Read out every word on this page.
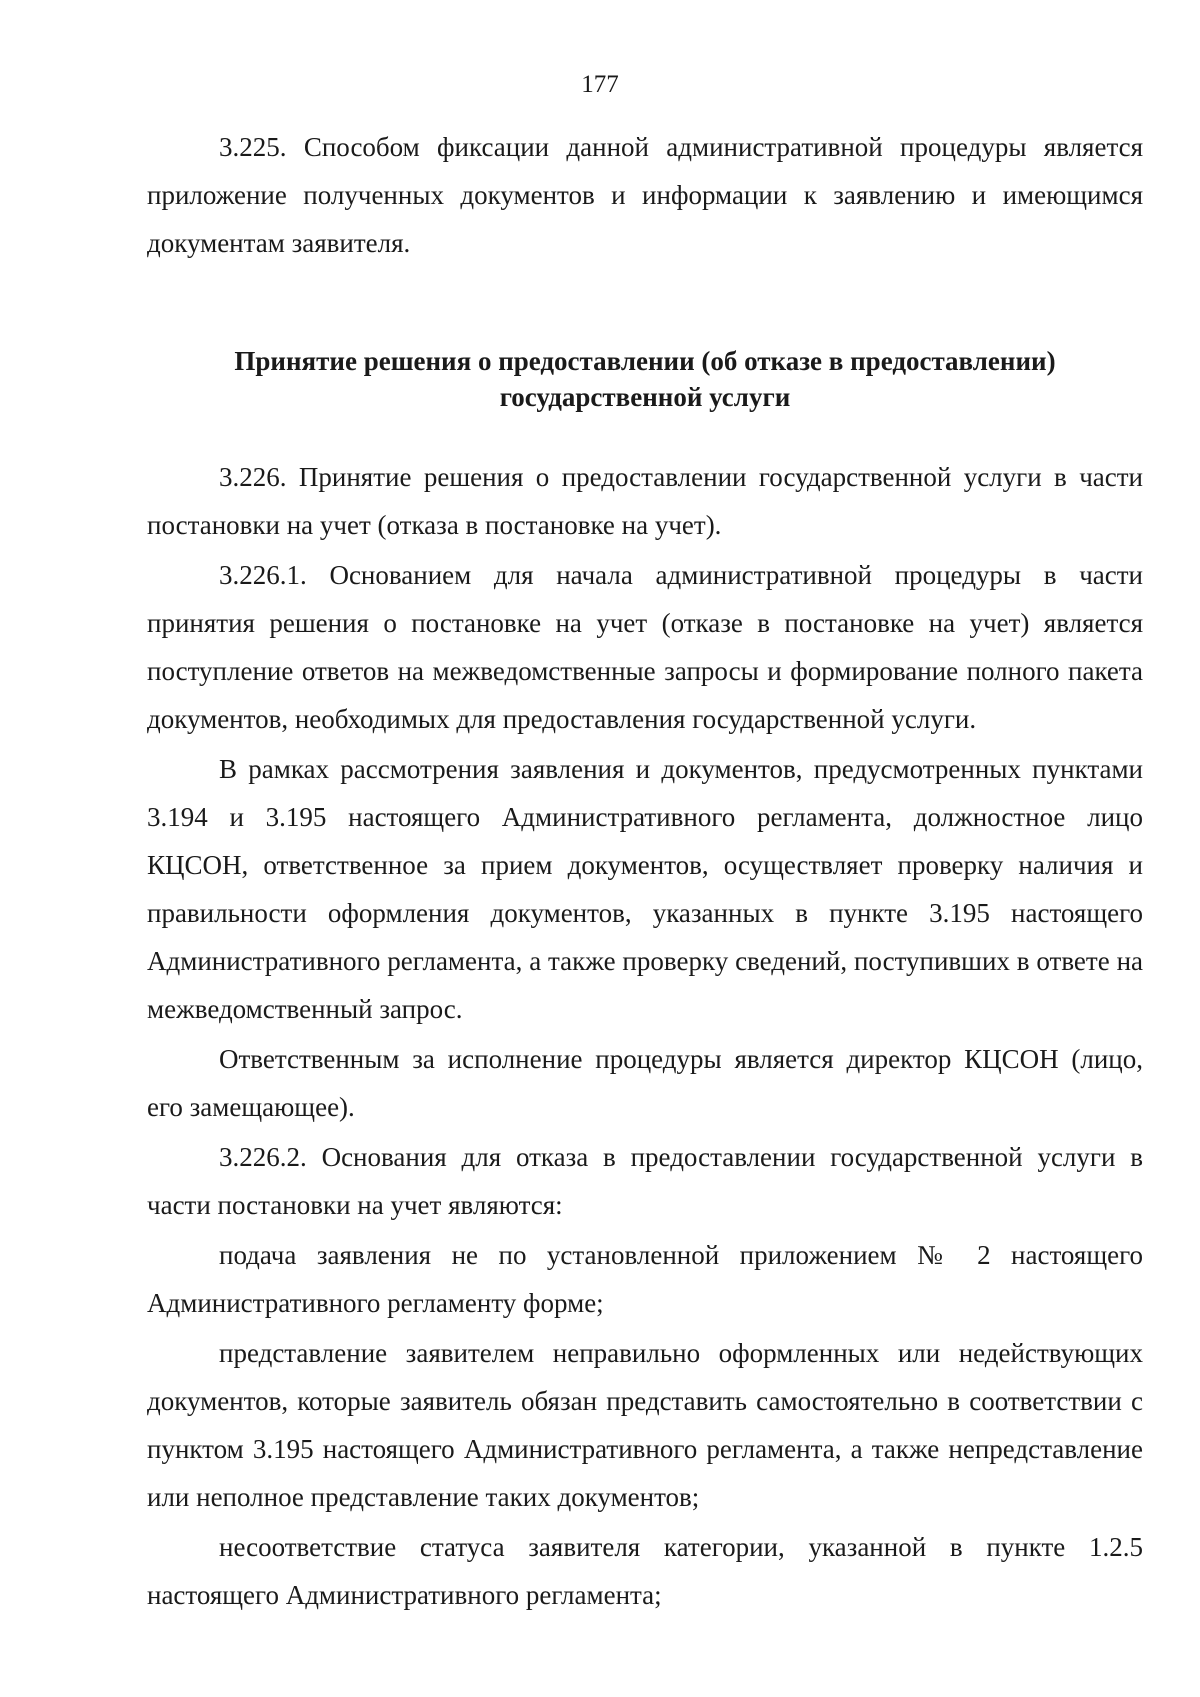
177

3.225. Способом фиксации данной административной процедуры является приложение полученных документов и информации к заявлению и имеющимся документам заявителя.

Принятие решения о предоставлении (об отказе в предоставлении)
государственной услуги

3.226. Принятие решения о предоставлении государственной услуги в части постановки на учет (отказа в постановке на учет).

3.226.1. Основанием для начала административной процедуры в части принятия решения о постановке на учет (отказе в постановке на учет) является поступление ответов на межведомственные запросы и формирование полного пакета документов, необходимых для предоставления государственной услуги.

В рамках рассмотрения заявления и документов, предусмотренных пунктами 3.194 и 3.195 настоящего Административного регламента, должностное лицо КЦСОН, ответственное за прием документов, осуществляет проверку наличия и правильности оформления документов, указанных в пункте 3.195 настоящего Административного регламента, а также проверку сведений, поступивших в ответе на межведомственный запрос.

Ответственным за исполнение процедуры является директор КЦСОН (лицо, его замещающее).

3.226.2. Основания для отказа в предоставлении государственной услуги в части постановки на учет являются:

подача заявления не по установленной приложением № 2 настоящего Административного регламенту форме;

представление заявителем неправильно оформленных или недействующих документов, которые заявитель обязан представить самостоятельно в соответствии с пунктом 3.195 настоящего Административного регламента, а также непредставление или неполное представление таких документов;

несоответствие статуса заявителя категории, указанной в пункте 1.2.5 настоящего Административного регламента;
